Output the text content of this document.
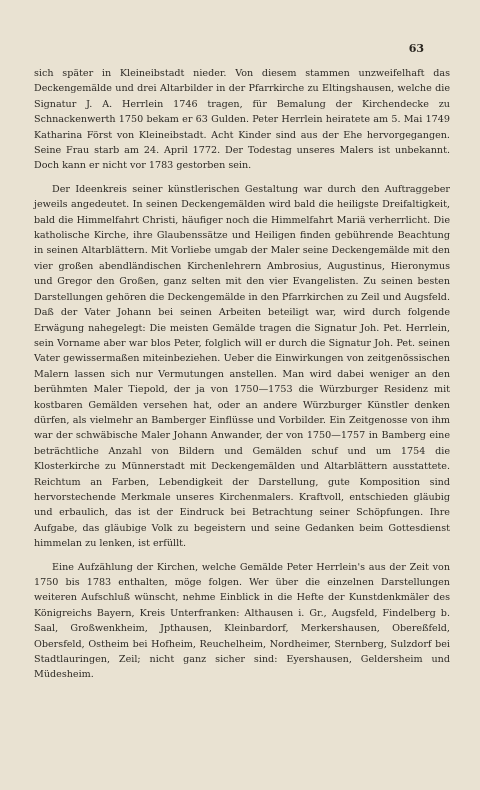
63

sich später in Kleineibstadt nieder. Von diesem stammen unzweifelhaft das Deckengemälde und drei Altarbilder in der Pfarrkirche zu Eltingshausen, welche die Signatur J. A. Herrlein 1746 tragen, für Bemalung der Kirchendecke zu Schnackenwerth 1750 bekam er 63 Gulden. Peter Herrlein heiratete am 5. Mai 1749 Katharina Först von Kleineibstadt. Acht Kinder sind aus der Ehe hervorgegangen. Seine Frau starb am 24. April 1772. Der Todestag unseres Malers ist unbekannt. Doch kann er nicht vor 1783 gestorben sein.

Der Ideenkreis seiner künstlerischen Gestaltung war durch den Auftraggeber jeweils angedeutet. In seinen Deckengemälden wird bald die heiligste Dreifaltigkeit, bald die Himmelfahrt Christi, häufiger noch die Himmelfahrt Mariä verherrlicht. Die katholische Kirche, ihre Glaubenssätze und Heiligen finden gebührende Beachtung in seinen Altarblättern. Mit Vorliebe umgab der Maler seine Deckengemälde mit den vier großen abendländischen Kirchenlehrern Ambrosius, Augustinus, Hieronymus und Gregor den Großen, ganz selten mit den vier Evangelisten. Zu seinen besten Darstellungen gehören die Deckengemälde in den Pfarrkirchen zu Zeil und Augsfeld. Daß der Vater Johann bei seinen Arbeiten beteiligt war, wird durch folgende Erwägung nahegelegt: Die meisten Gemälde tragen die Signatur Joh. Pet. Herrlein, sein Vorname aber war blos Peter, folglich will er durch die Signatur Joh. Pet. seinen Vater gewissermaßen miteinbeziehen. Ueber die Einwirkungen von zeitgenössischen Malern lassen sich nur Vermutungen anstellen. Man wird dabei weniger an den berühmten Maler Tiepold, der ja von 1750—1753 die Würzburger Residenz mit kostbaren Gemälden versehen hat, oder an andere Würzburger Künstler denken dürfen, als vielmehr an Bamberger Einflüsse und Vorbilder. Ein Zeitgenosse von ihm war der schwäbische Maler Johann Anwander, der von 1750—1757 in Bamberg eine beträchtliche Anzahl von Bildern und Gemälden schuf und um 1754 die Klosterkirche zu Münnerstadt mit Deckengemälden und Altarblättern ausstattete. Reichtum an Farben, Lebendigkeit der Darstellung, gute Komposition sind hervorstechende Merkmale unseres Kirchenmalers. Kraftvoll, entschieden gläubig und erbaulich, das ist der Eindruck bei Betrachtung seiner Schöpfungen. Ihre Aufgabe, das gläubige Volk zu begeistern und seine Gedanken beim Gottesdienst himmelan zu lenken, ist erfüllt.

Eine Aufzählung der Kirchen, welche Gemälde Peter Herrlein's aus der Zeit von 1750 bis 1783 enthalten, möge folgen. Wer über die einzelnen Darstellungen weiteren Aufschluß wünscht, nehme Einblick in die Hefte der Kunstdenkmäler des Königreichs Bayern, Kreis Unterfranken: Althausen i. Gr., Augsfeld, Findelberg b. Saal, Großwenkheim, Jpthausen, Kleinbardorf, Merkershausen, Obereßfeld, Obersfeld, Ostheim bei Hofheim, Reuchelheim, Nordheimer, Sternberg, Sulzdorf bei Stadtlauringen, Zeil; nicht ganz sicher sind: Eyershausen, Geldersheim und Müdesheim.
